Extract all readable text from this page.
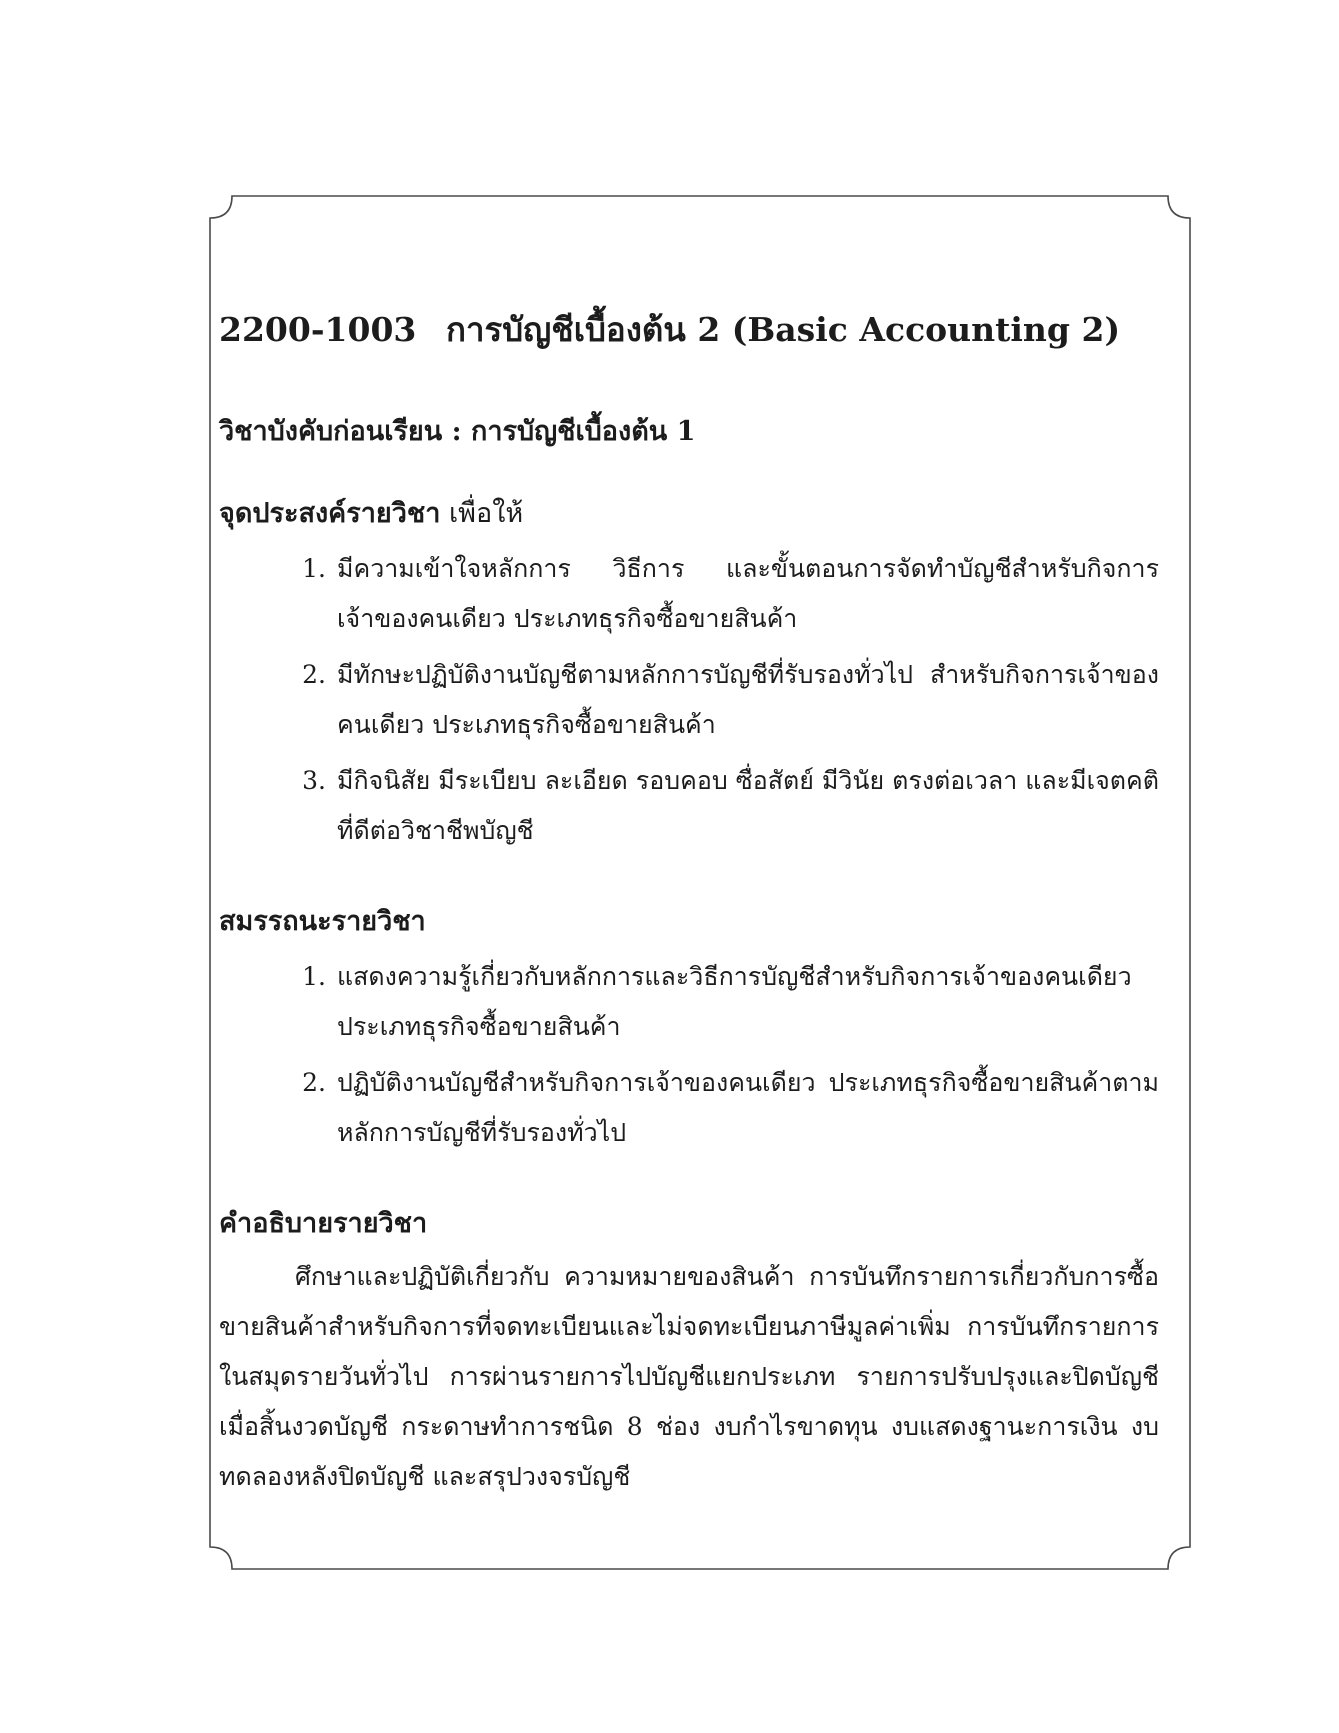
2200-1003 การบัญชีเบื้องต้น 2 (Basic Accounting 2)
วิชาบังคับก่อนเรียน : การบัญชีเบื้องต้น 1
จุดประสงค์รายวิชา เพื่อให้
1. มีความเข้าใจหลักการ วิธีการ และขั้นตอนการจัดทำบัญชีสำหรับกิจการเจ้าของคนเดียว ประเภทธุรกิจซื้อขายสินค้า
2. มีทักษะปฏิบัติงานบัญชีตามหลักการบัญชีที่รับรองทั่วไป สำหรับกิจการเจ้าของคนเดียว ประเภทธุรกิจซื้อขายสินค้า
3. มีกิจนิสัย มีระเบียบ ละเอียด รอบคอบ ซื่อสัตย์ มีวินัย ตรงต่อเวลา และมีเจตคติที่ดีต่อวิชาชีพบัญชี
สมรรถนะรายวิชา
1. แสดงความรู้เกี่ยวกับหลักการและวิธีการบัญชีสำหรับกิจการเจ้าของคนเดียว ประเภทธุรกิจซื้อขายสินค้า
2. ปฏิบัติงานบัญชีสำหรับกิจการเจ้าของคนเดียว ประเภทธุรกิจซื้อขายสินค้าตามหลักการบัญชีที่รับรองทั่วไป
คำอธิบายรายวิชา

ศึกษาและปฏิบัติเกี่ยวกับ ความหมายของสินค้า การบันทึกรายการเกี่ยวกับการซื้อขายสินค้าสำหรับกิจการที่จดทะเบียนและไม่จดทะเบียนภาษีมูลค่าเพิ่ม การบันทึกรายการในสมุดรายวันทั่วไป การผ่านรายการไปบัญชีแยกประเภท รายการปรับปรุงและปิดบัญชีเมื่อสิ้นงวดบัญชี กระดาษทำการชนิด 8 ช่อง งบกำไรขาดทุน งบแสดงฐานะการเงิน งบทดลองหลังปิดบัญชี และสรุปวงจรบัญชี
